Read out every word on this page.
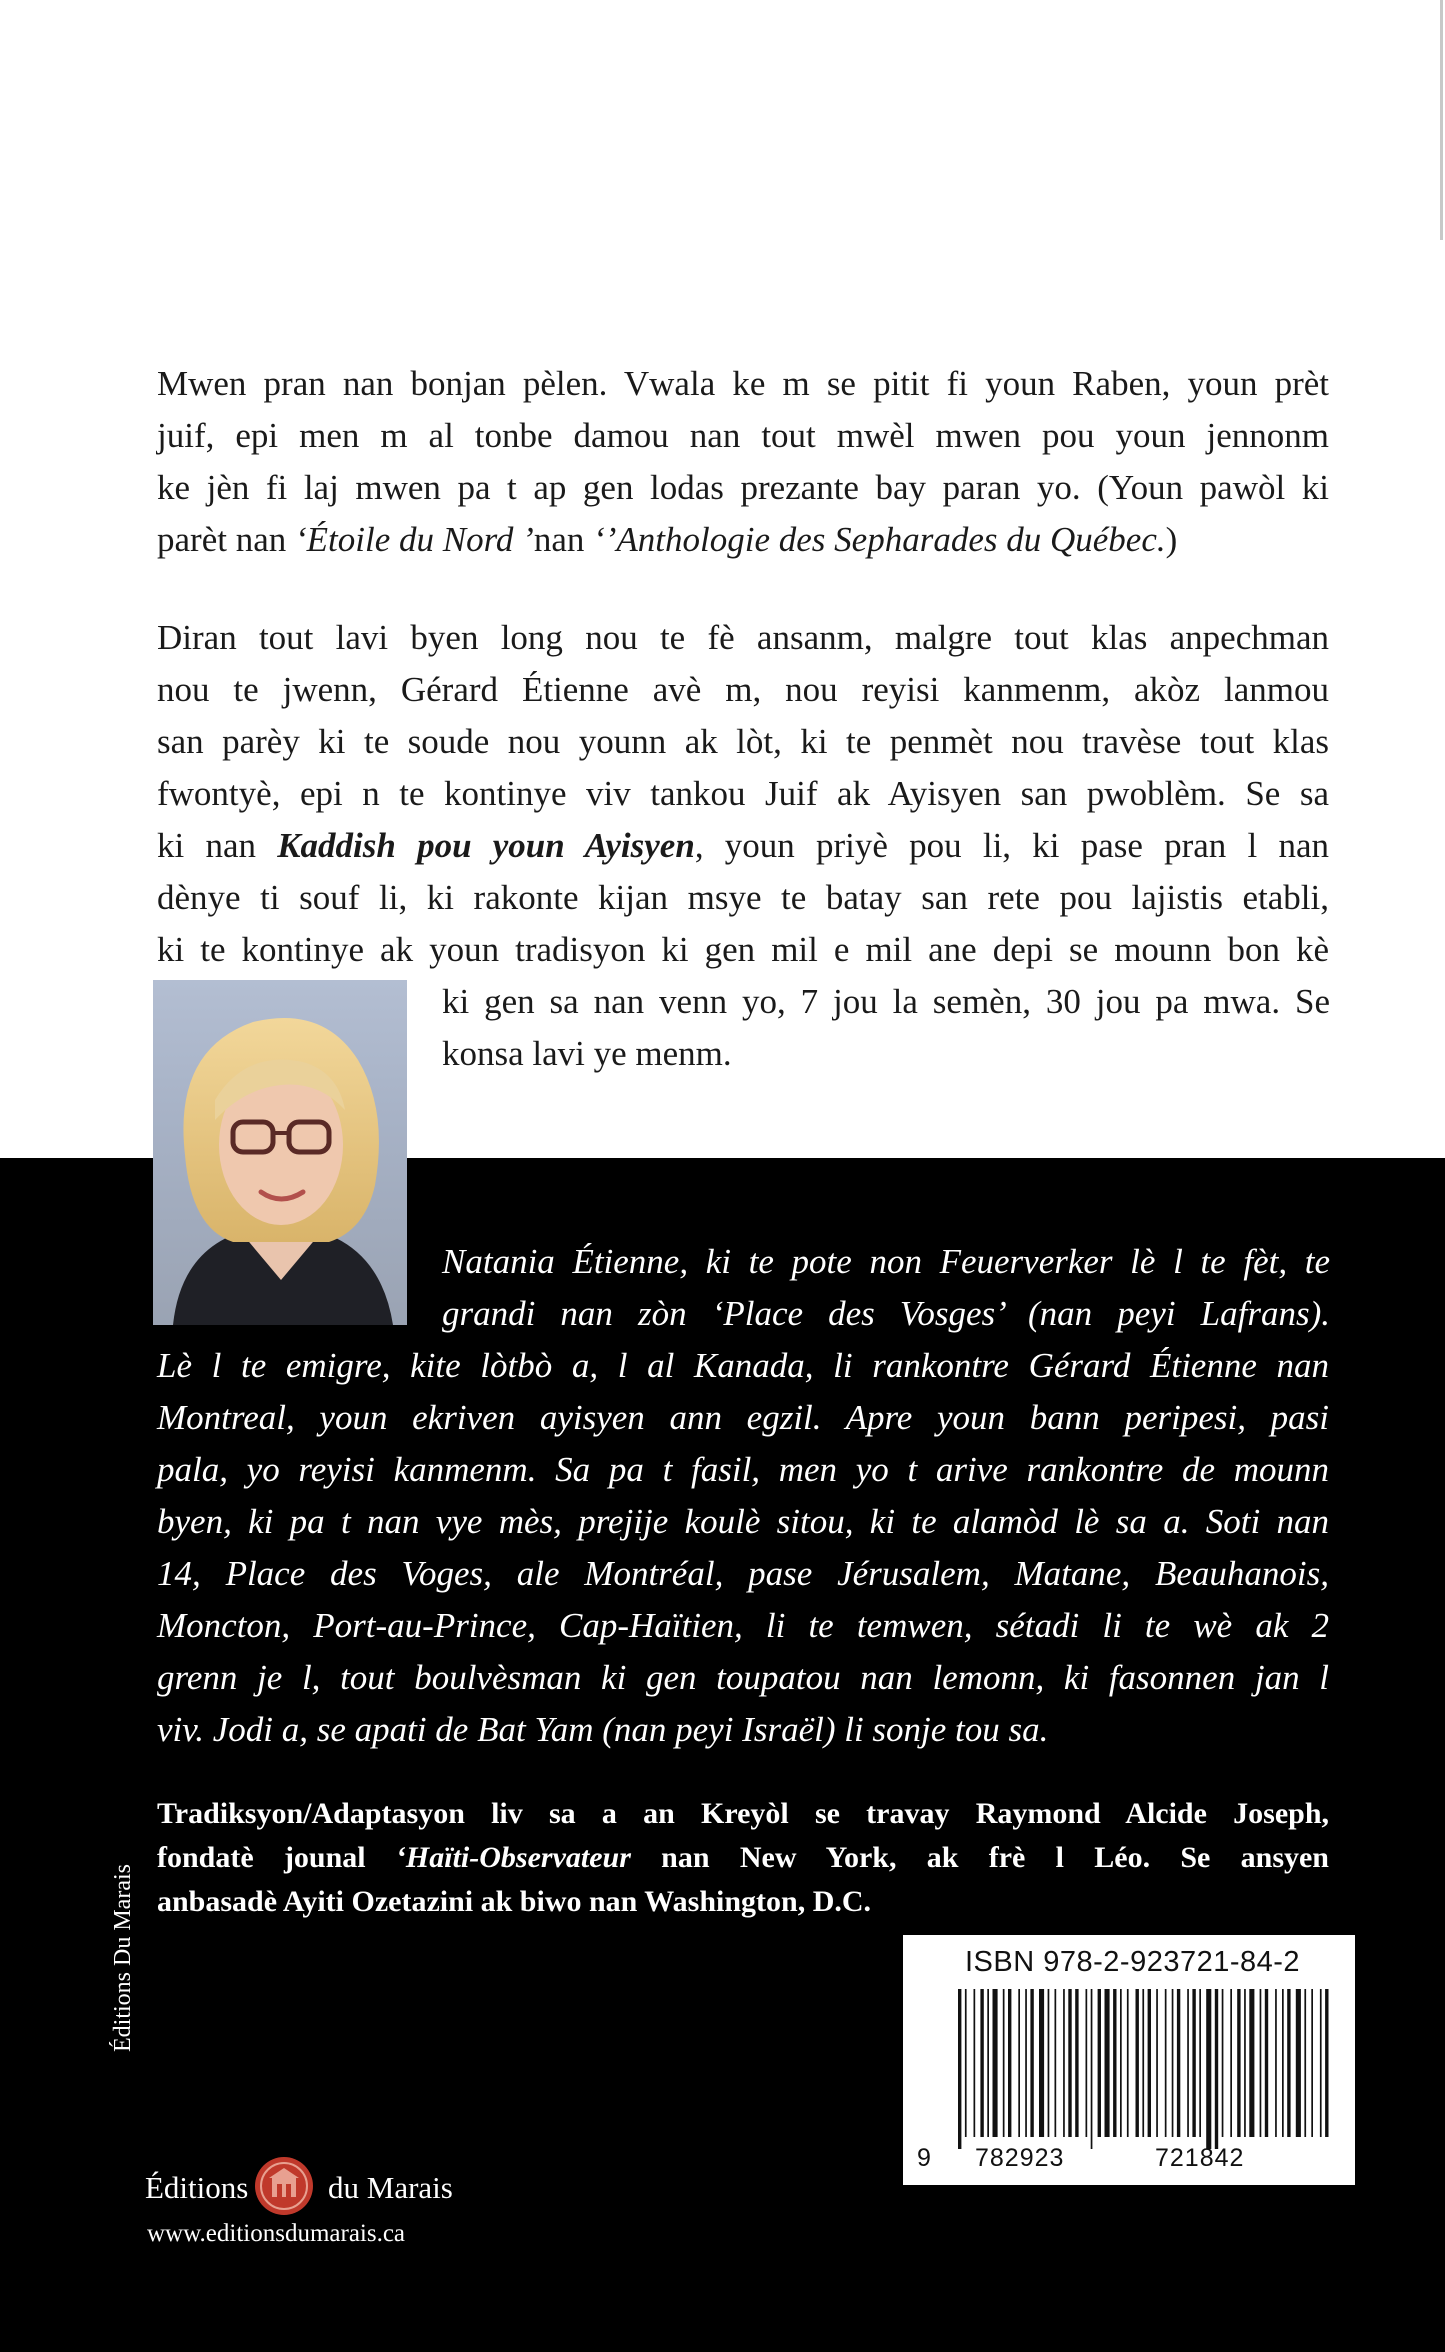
Mwen pran nan bonjan pèlen. Vwala ke m se pitit fi youn Raben, youn prèt
juif, epi men m al tonbe damou nan tout mwèl mwen pou youn jennonm
ke jèn fi laj mwen pa t ap gen lodas prezante bay paran yo. (Youn pawòl ki
parèt nan ‘Étoile du Nord ’nan ‘’Anthologie des Sepharades du Québec.)

Diran tout lavi byen long nou te fè ansanm, malgre tout klas anpechman
nou te jwenn, Gérard Étienne avè m, nou reyisi kanmenm, akòz lanmou
san parèy ki te soude nou younn ak lòt, ki te penmèt nou travèse tout klas
fwontyè, epi n te kontinye viv tankou Juif ak Ayisyen san pwoblèm. Se sa
ki nan Kaddish pou youn Ayisyen, youn priyè pou li, ki pase pran l nan
dènye ti souf li, ki rakonte kijan msye te batay san rete pou lajistis etabli,
ki te kontinye ak youn tradisyon ki gen mil e mil ane depi se mounn bon kè

ki gen sa nan venn yo, 7 jou la semèn, 30 jou pa mwa. Se
konsa lavi ye menm.

Natania Étienne, ki te pote non Feuerverker lè l te fèt, te
grandi nan zòn ‘Place des Vosges’ (nan peyi Lafrans).

Lè l te emigre, kite lòtbò a, l al Kanada, li rankontre Gérard Étienne nan
Montreal, youn ekriven ayisyen ann egzil. Apre youn bann peripesi, pasi
pala, yo reyisi kanmenm. Sa pa t fasil, men yo t arive rankontre de mounn
byen, ki pa t nan vye mès, prejije koulè sitou, ki te alamòd lè sa a. Soti nan
14, Place des Voges, ale Montréal, pase Jérusalem, Matane, Beauhanois,
Moncton, Port-au-Prince, Cap-Haïtien, li te temwen, sétadi li te wè ak 2
grenn je l, tout boulvèsman ki gen toupatou nan lemonn, ki fasonnen jan l
viv. Jodi a, se apati de Bat Yam (nan peyi Israël) li sonje tou sa.

Tradiksyon/Adaptasyon liv sa a an Kreyòl se travay Raymond Alcide Joseph,
fondatè jounal ‘Haïti-Observateur nan New York, ak frè l Léo. Se ansyen
anbasadè Ayiti Ozetazini ak biwo nan Washington, D.C.

ISBN 978-2-923721-84-2
9 782923	721842
Éditions Du Marais
Éditions	du Marais
www.editionsdumarais.ca
